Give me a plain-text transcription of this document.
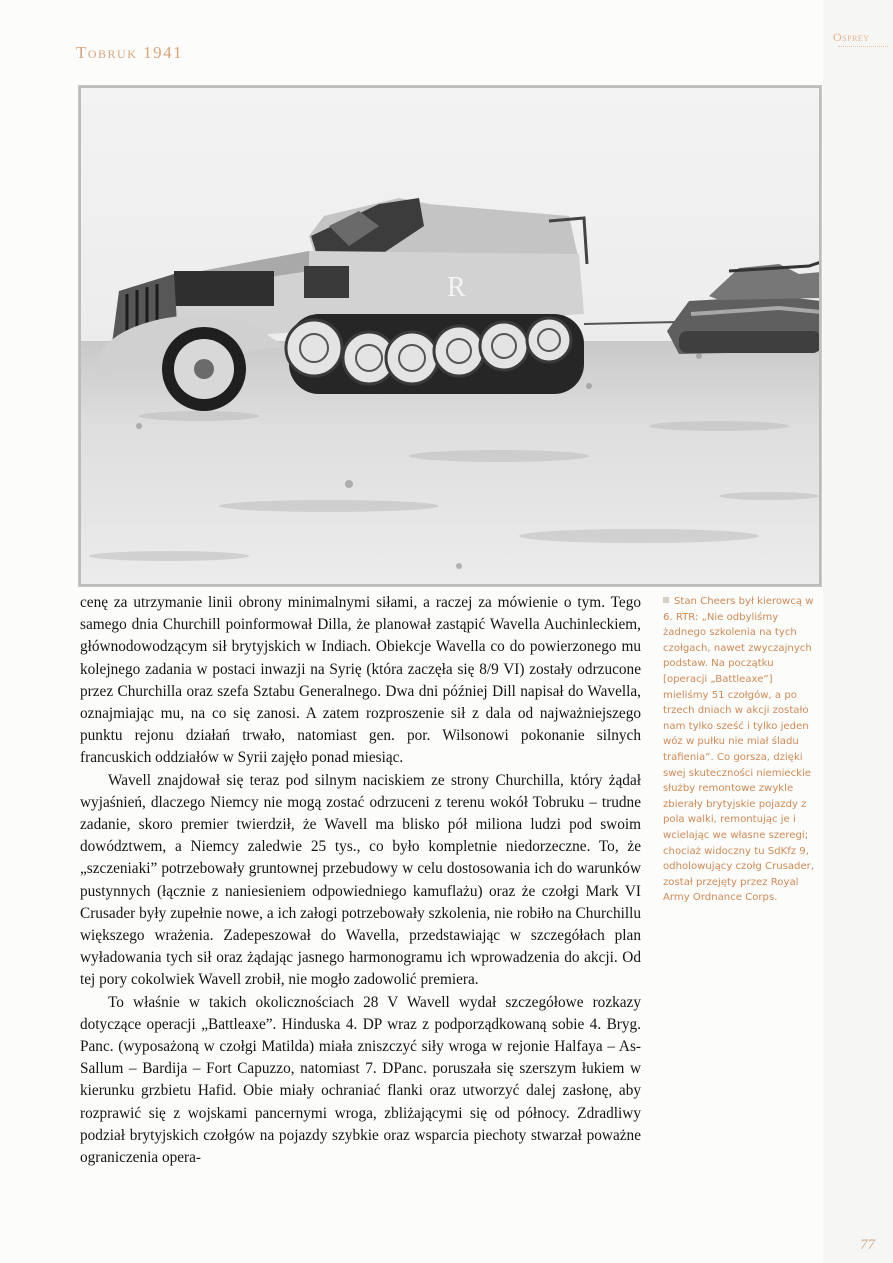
Tobruk 1941
Osprey
R

cenę za utrzymanie linii obrony minimalnymi siłami, a raczej za mówienie o tym. Tego samego dnia Churchill poinformował Dilla, że planował zastąpić Wavella Auchinleckiem, głównodowodzącym sił brytyjskich w Indiach. Obiekcje Wavella co do powierzonego mu kolejnego zadania w postaci inwazji na Syrię (która zaczęła się 8/9 VI) zostały odrzucone przez Churchilla oraz szefa Sztabu Generalnego. Dwa dni później Dill napisał do Wavella, oznajmiając mu, na co się zanosi. A zatem rozproszenie sił z dala od najważniejszego punktu rejonu działań trwało, natomiast gen. por. Wilsonowi pokonanie silnych francuskich oddziałów w Syrii zajęło ponad miesiąc.

Wavell znajdował się teraz pod silnym naciskiem ze strony Churchilla, który żądał wyjaśnień, dlaczego Niemcy nie mogą zostać odrzuceni z terenu wokół Tobruku – trudne zadanie, skoro premier twierdził, że Wavell ma blisko pół miliona ludzi pod swoim dowództwem, a Niemcy zaledwie 25 tys., co było kompletnie niedorzeczne. To, że „szczeniaki” potrzebowały gruntownej przebudowy w celu dostosowania ich do warunków pustynnych (łącznie z naniesieniem odpowiedniego kamuflażu) oraz że czołgi Mark VI Crusader były zupełnie nowe, a ich załogi potrzebowały szkolenia, nie robiło na Churchillu większego wrażenia. Zadepeszował do Wavella, przedstawiając w szczegółach plan wyładowania tych sił oraz żądając jasnego harmonogramu ich wprowadzenia do akcji. Od tej pory cokolwiek Wavell zrobił, nie mogło zadowolić premiera.

To właśnie w takich okolicznościach 28 V Wavell wydał szczegółowe rozkazy dotyczące operacji „Battleaxe”. Hinduska 4. DP wraz z podporządkowaną sobie 4. Bryg. Panc. (wyposażoną w czołgi Matilda) miała zniszczyć siły wroga w rejonie Halfaya – As-Sallum – Bardija – Fort Capuzzo, natomiast 7. DPanc. poruszała się szerszym łukiem w kierunku grzbietu Hafid. Obie miały ochraniać flanki oraz utworzyć dalej zasłonę, aby rozprawić się z wojskami pancernymi wroga, zbliżającymi się od północy. Zdradliwy podział brytyjskich czołgów na pojazdy szybkie oraz wsparcia piechoty stwarzał poważne ograniczenia opera-

Stan Cheers był kierowcą w 6. RTR: „Nie odbyliśmy żadnego szkolenia na tych czołgach, nawet zwyczajnych podstaw. Na początku [operacji „Battleaxe”] mieliśmy 51 czołgów, a po trzech dniach w akcji zostało nam tylko sześć i tylko jeden wóz w pułku nie miał śladu trafienia”. Co gorsza, dzięki swej skuteczności niemieckie służby remontowe zwykle zbierały brytyjskie pojazdy z pola walki, remontując je i wcielając we własne szeregi; chociaż widoczny tu SdKfz 9, odholowujący czołg Crusader, został przejęty przez Royal Army Ordnance Corps.
77
